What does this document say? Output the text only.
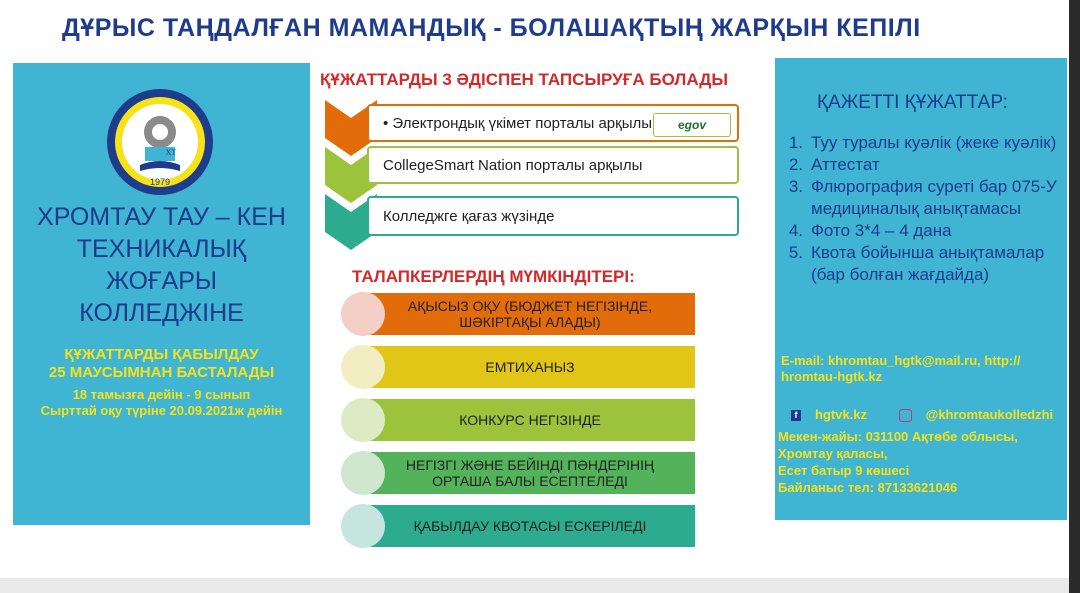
ДҰРЫС ТАҢДАЛҒАН МАМАНДЫҚ - БОЛАШАҚТЫҢ ЖАРҚЫН КЕПІЛІ
1979
ХТ
ХРОМТАУ ТАУ – КЕН
ТЕХНИКАЛЫҚ
ЖОҒАРЫ
КОЛЛЕДЖІНЕ
ҚҰЖАТТАРДЫ ҚАБЫЛДАУ
25 МАУСЫМНАН БАСТАЛАДЫ
18 тамызға дейін - 9 сынып
Сырттай оқу түріне 20.09.2021ж дейін
ҚҰЖАТТАРДЫ 3 ӘДІСПЕН ТАПСЫРУҒА БОЛАДЫ
• Электрондық үкімет порталы арқылы e gov
CollegeSmart Nation порталы арқылы
Колледжге қағаз жүзінде
ТАЛАПКЕРЛЕРДІҢ МҮМКІНДІТЕРІ:
АҚЫСЫЗ ОҚУ (БЮДЖЕТ НЕГІЗІНДЕ, ШӘКІРТАҚЫ АЛАДЫ)
ЕМТИХАНЫЗ
КОНКУРС НЕГІЗІНДЕ
НЕГІЗГІ ЖӘНЕ БЕЙІНДІ ПӘНДЕРІНІҢ ОРТАША БАЛЫ ЕСЕПТЕЛЕДІ
ҚАБЫЛДАУ КВОТАСЫ ЕСКЕРІЛЕДІ
ҚАЖЕТТІ ҚҰЖАТТАР:
1. Туу туралы куәлік (жеке куәлік)
2. Аттестат
3. Флюрография суреті бар 075-У медициналық анықтамасы
4. Фото 3*4 – 4 дана
5. Квота бойынша анықтамалар (бар болған жағдайда)
E-mail: khromtau_hgtk@mail.ru, http://
hromtau-hgtk.kz
f hgtvk.kz	@khromtaukolledzhi
Мекен-жайы: 031100 Ақтөбе облысы,
Хромтау қаласы,
Есет батыр 9 көшесі
Байланыс тел: 87133621046
